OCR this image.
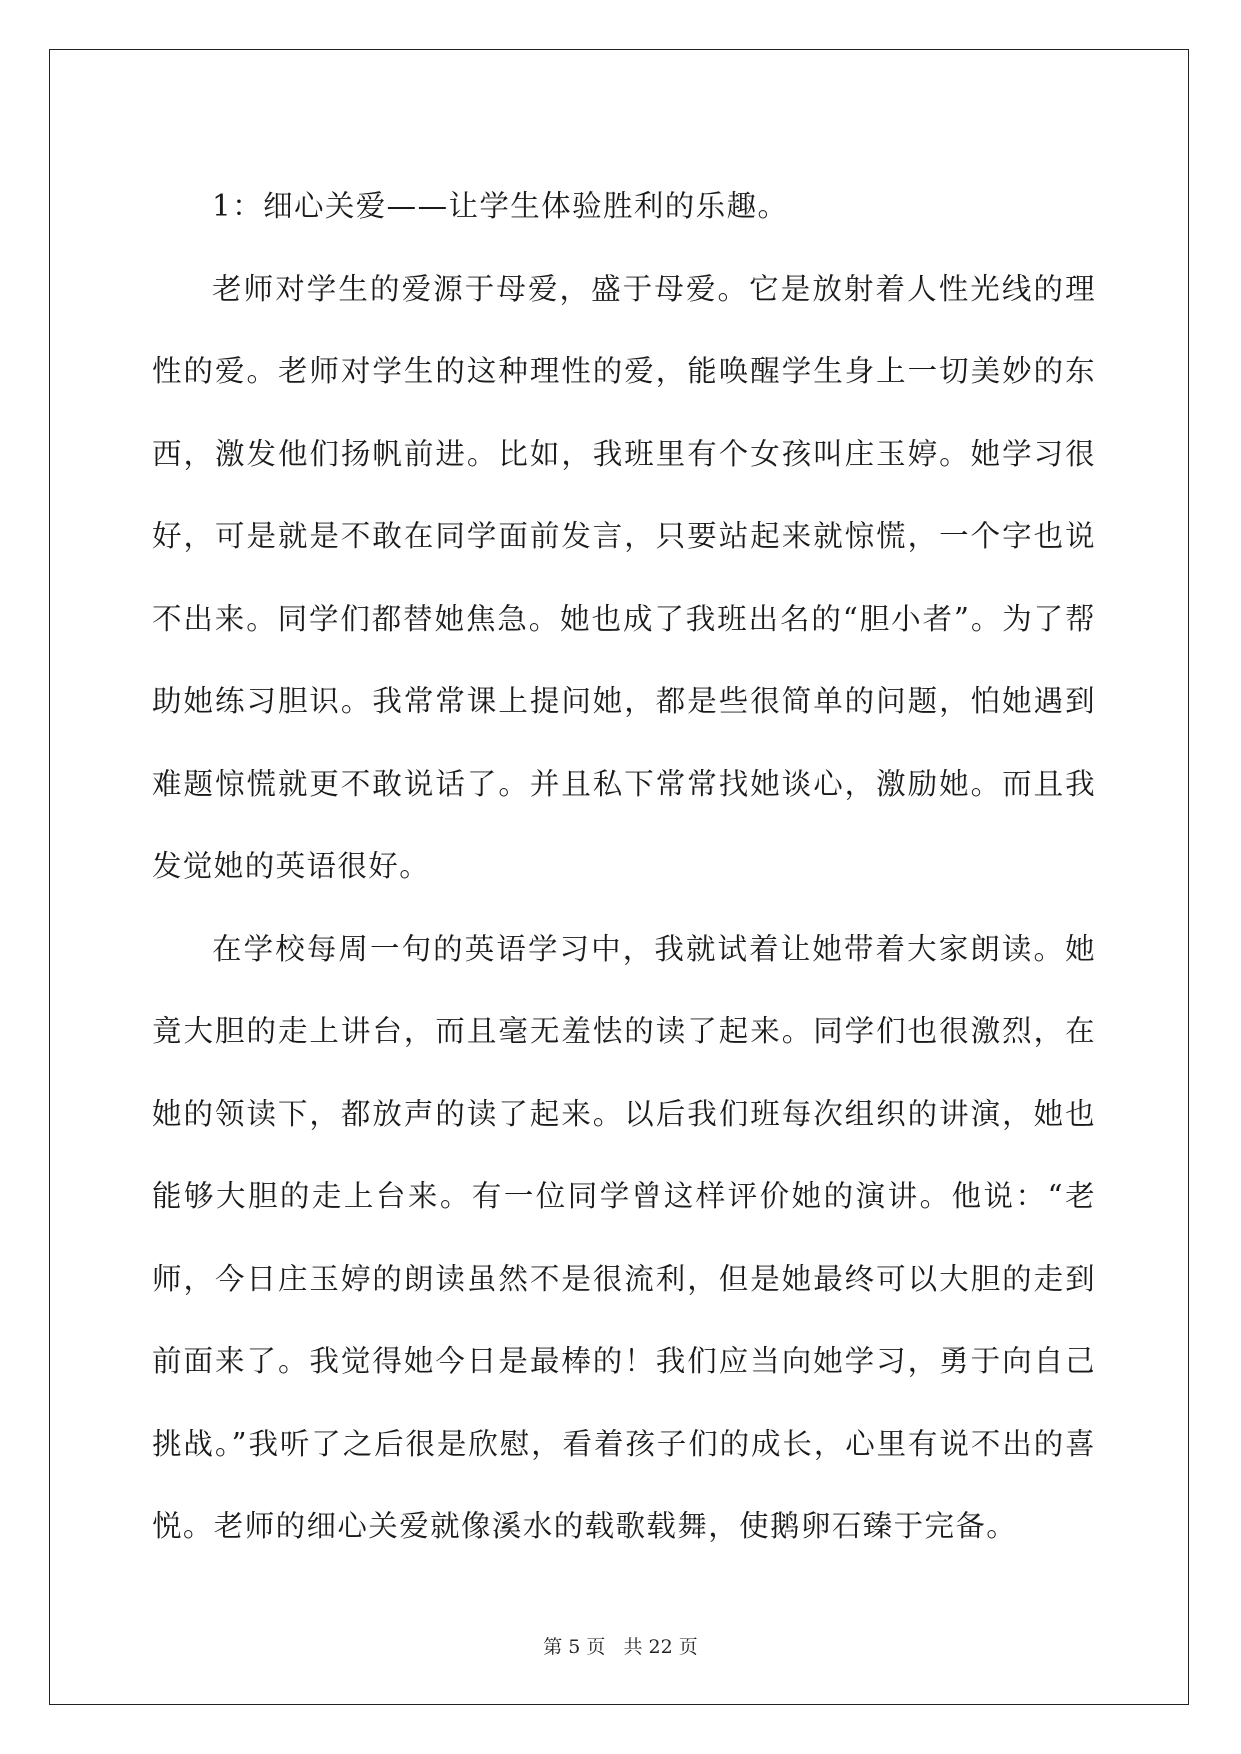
1：细心关爱——让学生体验胜利的乐趣。

老师对学生的爱源于母爱，盛于母爱。它是放射着人性光线的理性的爱。老师对学生的这种理性的爱，能唤醒学生身上一切美妙的东西，激发他们扬帆前进。比如，我班里有个女孩叫庄玉婷。她学习很好，可是就是不敢在同学面前发言，只要站起来就惊慌，一个字也说不出来。同学们都替她焦急。她也成了我班出名的“胆小者”。为了帮助她练习胆识。我常常课上提问她，都是些很简单的问题，怕她遇到难题惊慌就更不敢说话了。并且私下常常找她谈心，激励她。而且我发觉她的英语很好。

在学校每周一句的英语学习中，我就试着让她带着大家朗读。她竟大胆的走上讲台，而且毫无羞怯的读了起来。同学们也很激烈，在她的领读下，都放声的读了起来。以后我们班每次组织的讲演，她也能够大胆的走上台来。有一位同学曾这样评价她的演讲。他说：“老师，今日庄玉婷的朗读虽然不是很流利，但是她最终可以大胆的走到前面来了。我觉得她今日是最棒的！我们应当向她学习，勇于向自己挑战。”我听了之后很是欣慰，看着孩子们的成长，心里有说不出的喜悦。老师的细心关爱就像溪水的载歌载舞，使鹅卵石臻于完备。

第 5 页 共 22 页
